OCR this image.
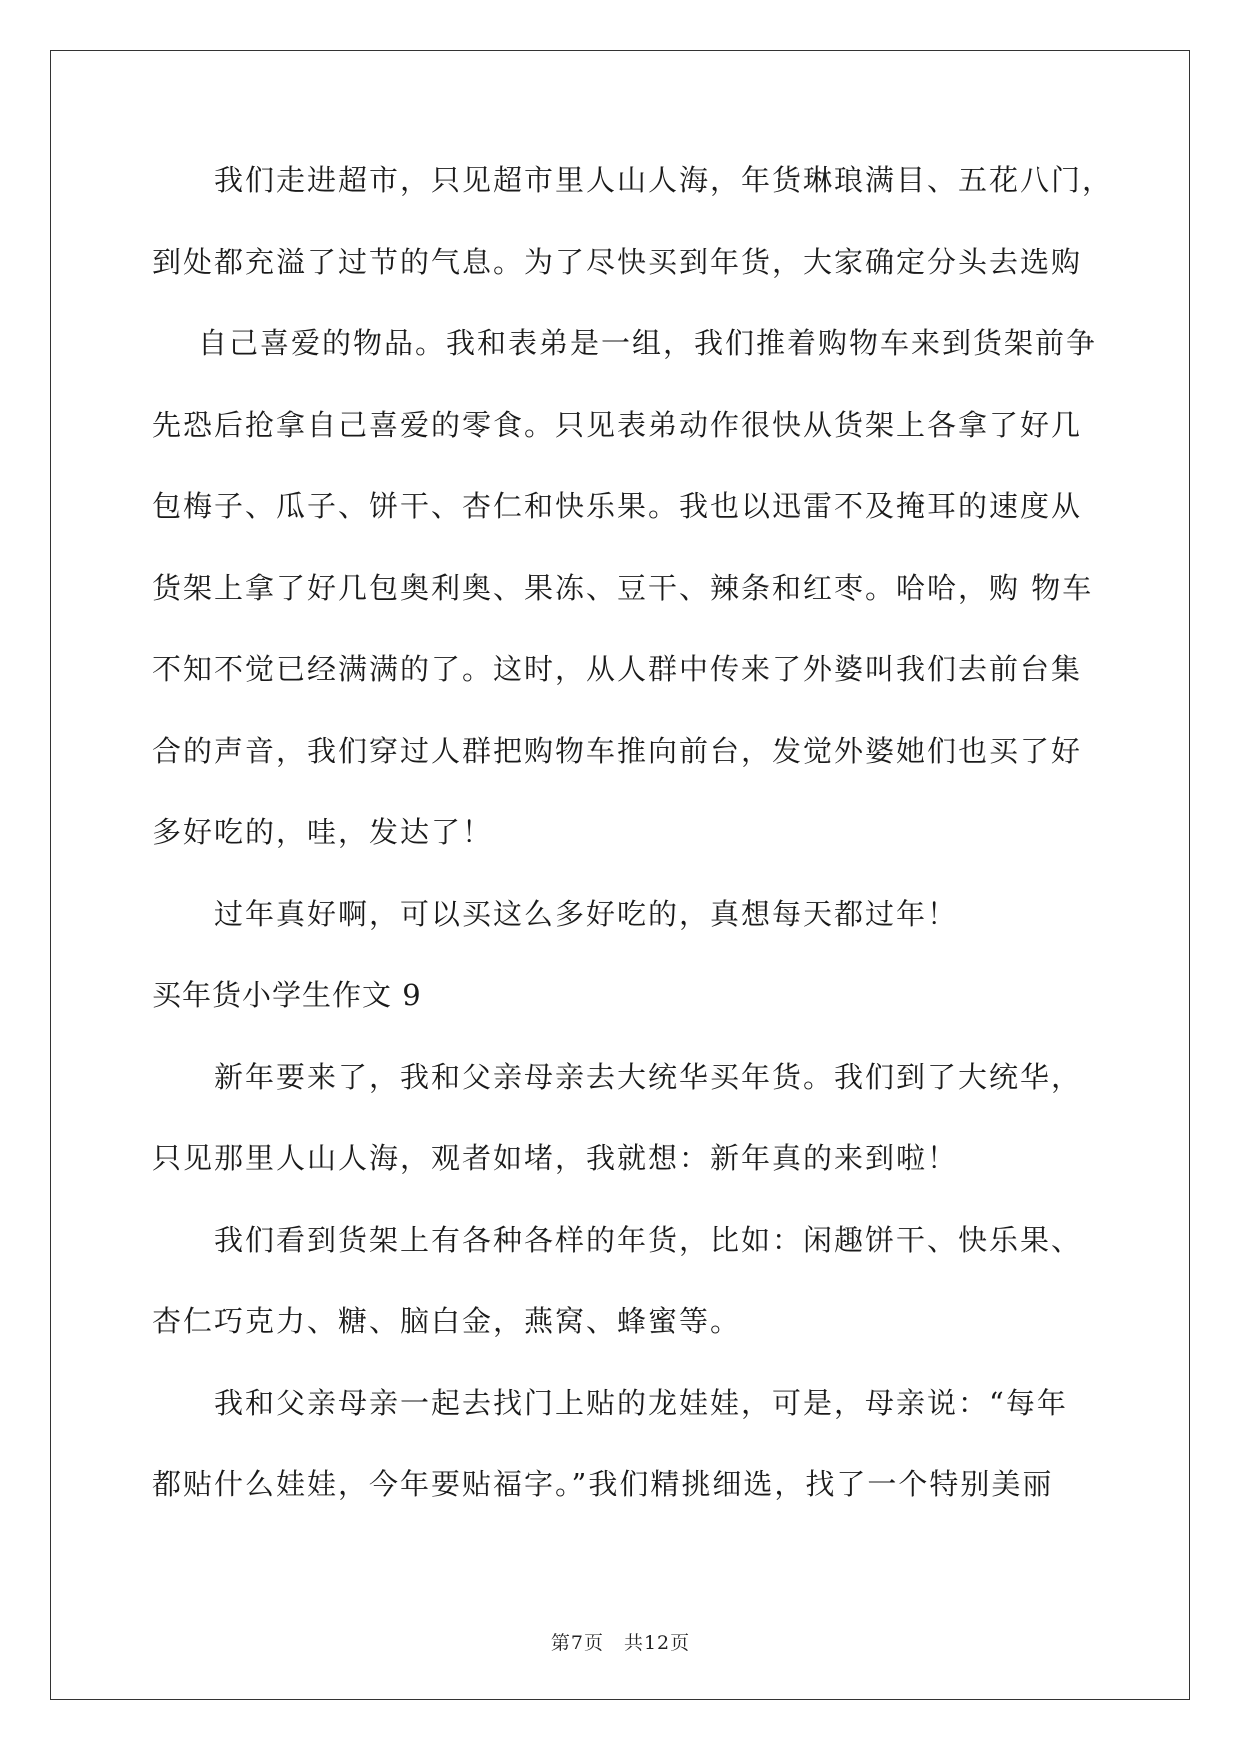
我们走进超市，只见超市里人山人海，年货琳琅满目、五花八门，
到处都充溢了过节的气息。为了尽快买到年货，大家确定分头去选购
自己喜爱的物品。我和表弟是一组，我们推着购物车来到货架前争
先恐后抢拿自己喜爱的零食。只见表弟动作很快从货架上各拿了好几
包梅子、瓜子、饼干、杏仁和快乐果。我也以迅雷不及掩耳的速度从
货架上拿了好几包奥利奥、果冻、豆干、辣条和红枣。哈哈，购 物车
不知不觉已经满满的了。这时，从人群中传来了外婆叫我们去前台集
合的声音，我们穿过人群把购物车推向前台，发觉外婆她们也买了好
多好吃的，哇，发达了！
过年真好啊，可以买这么多好吃的，真想每天都过年！
买年货小学生作文 9
新年要来了，我和父亲母亲去大统华买年货。我们到了大统华，
只见那里人山人海，观者如堵，我就想：新年真的来到啦！
我们看到货架上有各种各样的年货，比如：闲趣饼干、快乐果、
杏仁巧克力、糖、脑白金，燕窝、蜂蜜等。
我和父亲母亲一起去找门上贴的龙娃娃，可是，母亲说：“每年
都贴什么娃娃，今年要贴福字。”我们精挑细选，找了一个特别美丽
第7页　共12页
